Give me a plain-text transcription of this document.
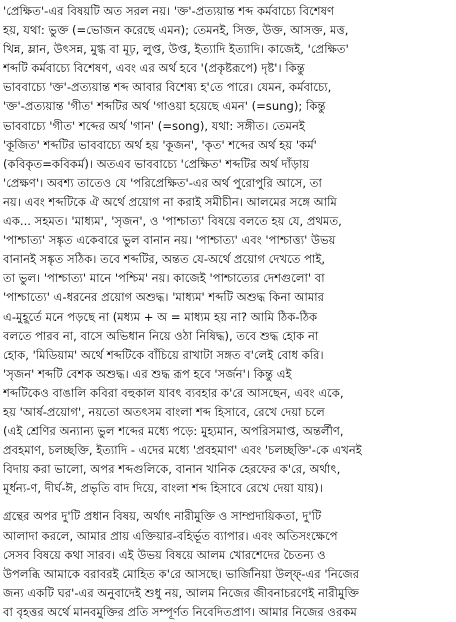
'প্রেক্ষিত'-এর বিষয়টি অত সরল নয়। 'ক্ত'-প্রত্যয়ান্ত শব্দ কর্মবাচ্যে বিশেষণ

হয়, যথা: ভুক্ত (=ভোজন করেছে এমন); তেমনই, সিক্ত, উক্ত, আসক্ত, মত্ত,

খিন্ন, ম্লান, উৎসন্ন, মুগ্ধ বা মূঢ়, লুপ্ত, উপ্ত, ইত্যাদি ইত্যাদি। কাজেই, 'প্রেক্ষিত'

শব্দটি কর্মবাচ্যে বিশেষণ, এবং এর অর্থ হবে '(প্রকৃষ্টরূপে) দৃষ্ট'। কিন্তু

ভাববাচ্যে 'ক্ত'-প্রত্যয়ান্ত শব্দ আবার বিশেষ্য হ'তে পারে। যেমন, কর্মবাচ্যে,

'ক্ত'-প্রত্যয়ান্ত 'গীত' শব্দটির অর্থ 'গাওয়া হয়েছে এমন' (=sung); কিন্তু

ভাববাচ্যে 'গীত' শব্দের অর্থ 'গান' (=song), যথা: সঙ্গীত। তেমনই

'কূজিত' শব্দটির ভাববাচ্যে অর্থ হয় 'কূজন', 'কৃত' শব্দের অর্থ হয় 'কর্ম'

(কবিকৃত=কবিকর্ম)। অতএব ভাববাচ্যে 'প্রেক্ষিত' শব্দটির অর্থ দাঁড়ায়

'প্রেক্ষণ'। অবশ্য তাতেও যে 'পরিপ্রেক্ষিত'-এর অর্থ পুরোপুরি আসে, তা

নয়। এবং শব্দটিকে ঐ অর্থে প্রয়োগ না করাই সমীচীন। আলমের সঙ্গে আমি

এক... সহমত। 'মাধ্যম', 'সৃজন', ও 'পাশ্চাত্য' বিষয়ে বলতে হয় যে, প্রথমত,

'পাশ্চাত্য' সঙ্কৃত একেবারে ভুল বানান নয়। 'পাশ্চাত্য' এবং 'পাশ্চাত্ত্য' উভয়

বানানই সঙ্কৃত সঠিক। তবে শব্দটির, অন্তত যে-অর্থে প্রয়োগ দেখতে পাই,

তা ভুল। 'পাশ্চাত্য' মানে 'পশ্চিম' নয়। কাজেই 'পাশ্চাত্যের দেশগুলো' বা

'পাশ্চাত্যে' এ-ধরনের প্রয়োগ অশুদ্ধ। 'মাধ্যম' শব্দটি অশুদ্ধ কিনা আমার

এ-মুহূর্তে মনে পড়ছে না (মধ্যম + অ = মাধ্যম হয় না? আমি ঠিক-ঠিক

বলতে পারব না, বাসে অভিধান নিয়ে ওঠা নিষিদ্ধ), তবে শুদ্ধ হোক না

হোক, 'মিডিয়াম' অর্থে শব্দটিকে বাঁচিয়ে রাখাটা সঙ্গত ব'লেই বোধ করি।

'সৃজন' শব্দটি বেশক অশুদ্ধ। এর শুদ্ধ রূপ হবে 'সর্জন'। কিন্তু এই

শব্দটিকেও বাঙালি কবিরা বহুকাল যাবৎ ব্যবহার ক'রে আসছেন, এবং একে,

হয় 'আর্ষ-প্রয়োগ', নয়তো অতৎসম বাংলা শব্দ হিসাবে, রেখে দেয়া চলে

(এই শ্রেণির অন্যান্য ভুল শব্দের মধ্যে পড়ে: মুহ্যমান, অপরিসমাপ্ত, অন্তর্লীণ,

প্রবহমাণ, চলচ্ছক্তি, ইত্যাদি - এদের মধ্যে 'প্রবহমাণ' এবং 'চলচ্ছক্তি'-কে এখনই

বিদায় করা ভালো, অপর শব্দগুলিকে, বানান খানিক হেরফের ক'রে, অর্থাৎ,

মূর্ধন্য-ণ, দীর্ঘ-ঈ, প্রভৃতি বাদ দিয়ে, বাংলা শব্দ হিসাবে রেখে দেয়া যায়)।

গ্রন্থের অপর দু'টি প্রধান বিষয়, অর্থাৎ নারীমুক্তি ও সাম্প্রদায়িকতা, দু'টি

আলাদা করলে, আমার প্রায় এক্তিয়ার-বহির্ভূত ব্যাপার। এবং অতিসংক্ষেপে

সেসব বিষয়ে কথা সারব। এই উভয় বিষয়ে আলম খোরশেদের চৈতন্য ও

উপলব্ধি আমাকে বরাবরই মোহিত ক'রে আসছে। ভার্জিনিয়া উল্ফ্-এর 'নিজের

জন্য একটি ঘর'-এর অনুবাদেই শুধু নয়, আলম নিজের জীবনাচরণেই নারীমুক্তি

বা বৃহত্তর অর্থে মানবমুক্তির প্রতি সম্পূর্ণত নিবেদিতপ্রাণ। আমার নিজের ওরকম
